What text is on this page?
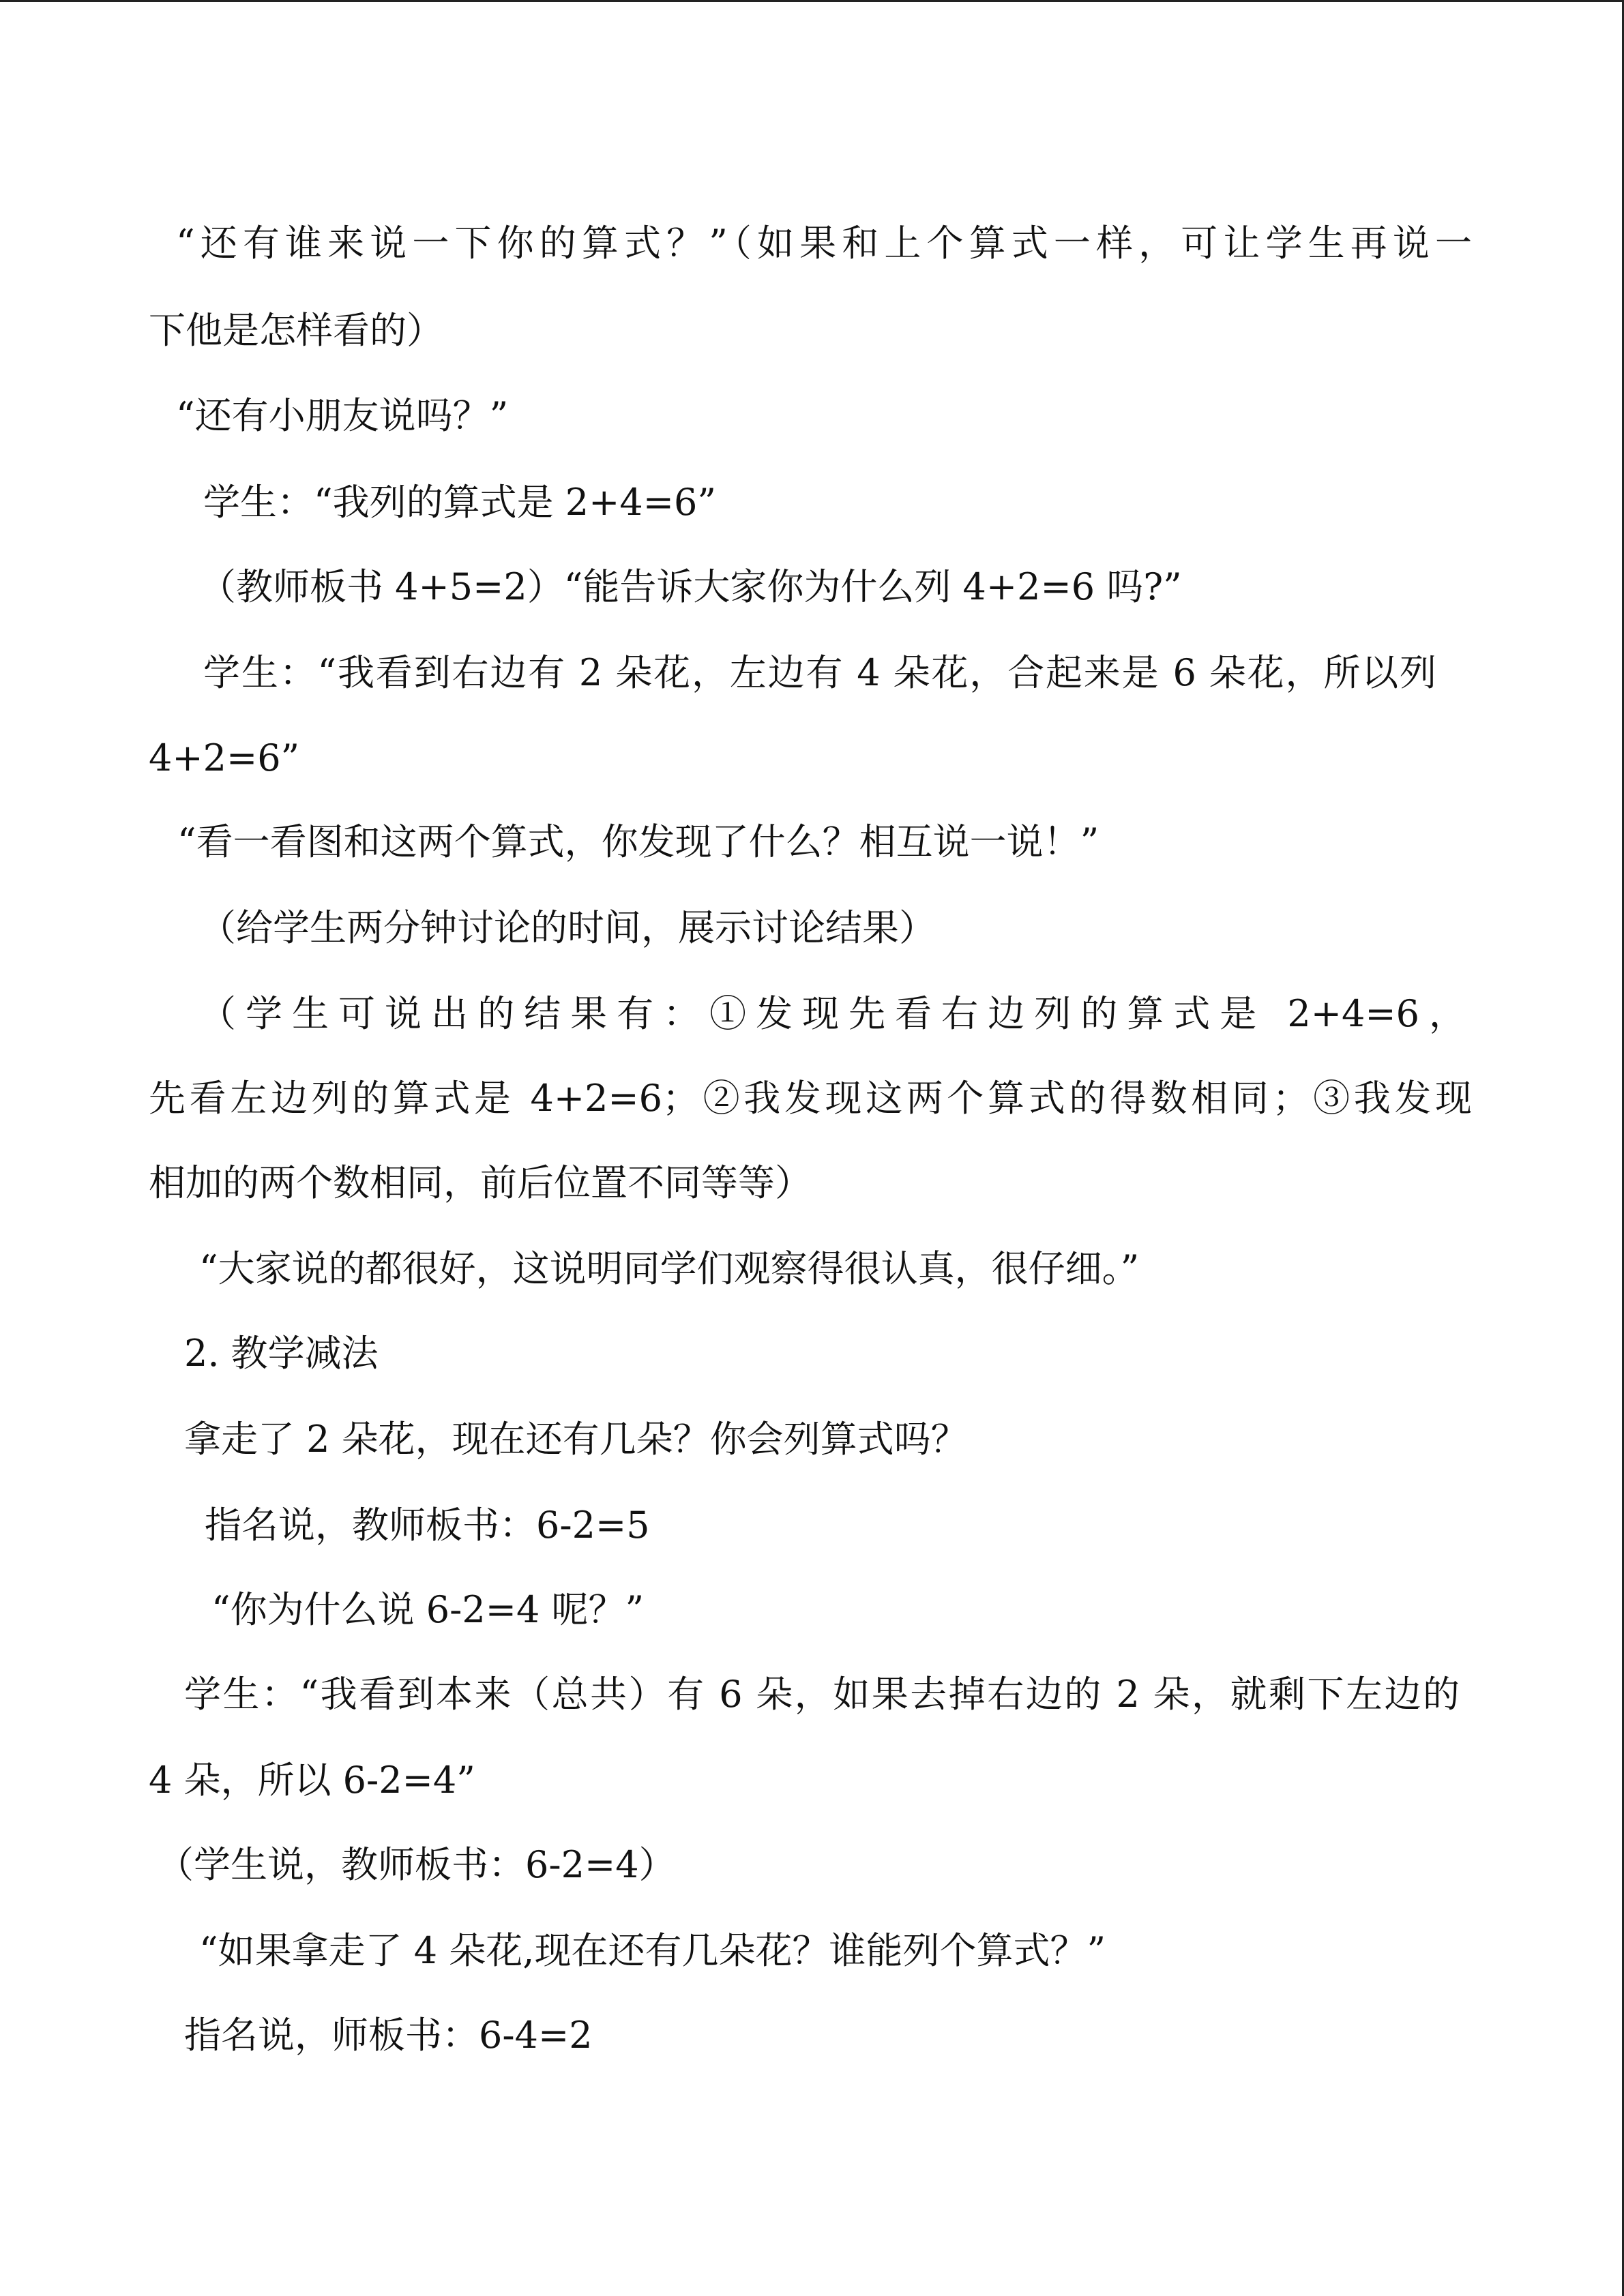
“还有谁来说一下你的算式？”（如果和上个算式一样，可让学生再说一
下他是怎样看的）
“还有小朋友说吗？”
学生：“我列的算式是 2+4=6”
（教师板书 4+5=2）“能告诉大家你为什么列 4+2=6 吗?”
学生：“我看到右边有 2 朵花，左边有 4 朵花，合起来是 6 朵花，所以列
4+2=6”
“看一看图和这两个算式，你发现了什么？相互说一说！”
（给学生两分钟讨论的时间，展示讨论结果）
（学生可说出的结果有：①发现先看右边列的算式是 2+4=6，
先看左边列的算式是 4+2=6；②我发现这两个算式的得数相同；③我发现
相加的两个数相同，前后位置不同等等）
“大家说的都很好，这说明同学们观察得很认真，很仔细。”
2. 教学减法
拿走了 2 朵花，现在还有几朵？你会列算式吗？
指名说，教师板书：6-2=5
“你为什么说 6-2=4 呢？”
学生：“我看到本来（总共）有 6 朵，如果去掉右边的 2 朵，就剩下左边的
4 朵，所以 6-2=4”
（学生说，教师板书：6-2=4）
“如果拿走了 4 朵花,现在还有几朵花？谁能列个算式？”
指名说，师板书：6-4=2
